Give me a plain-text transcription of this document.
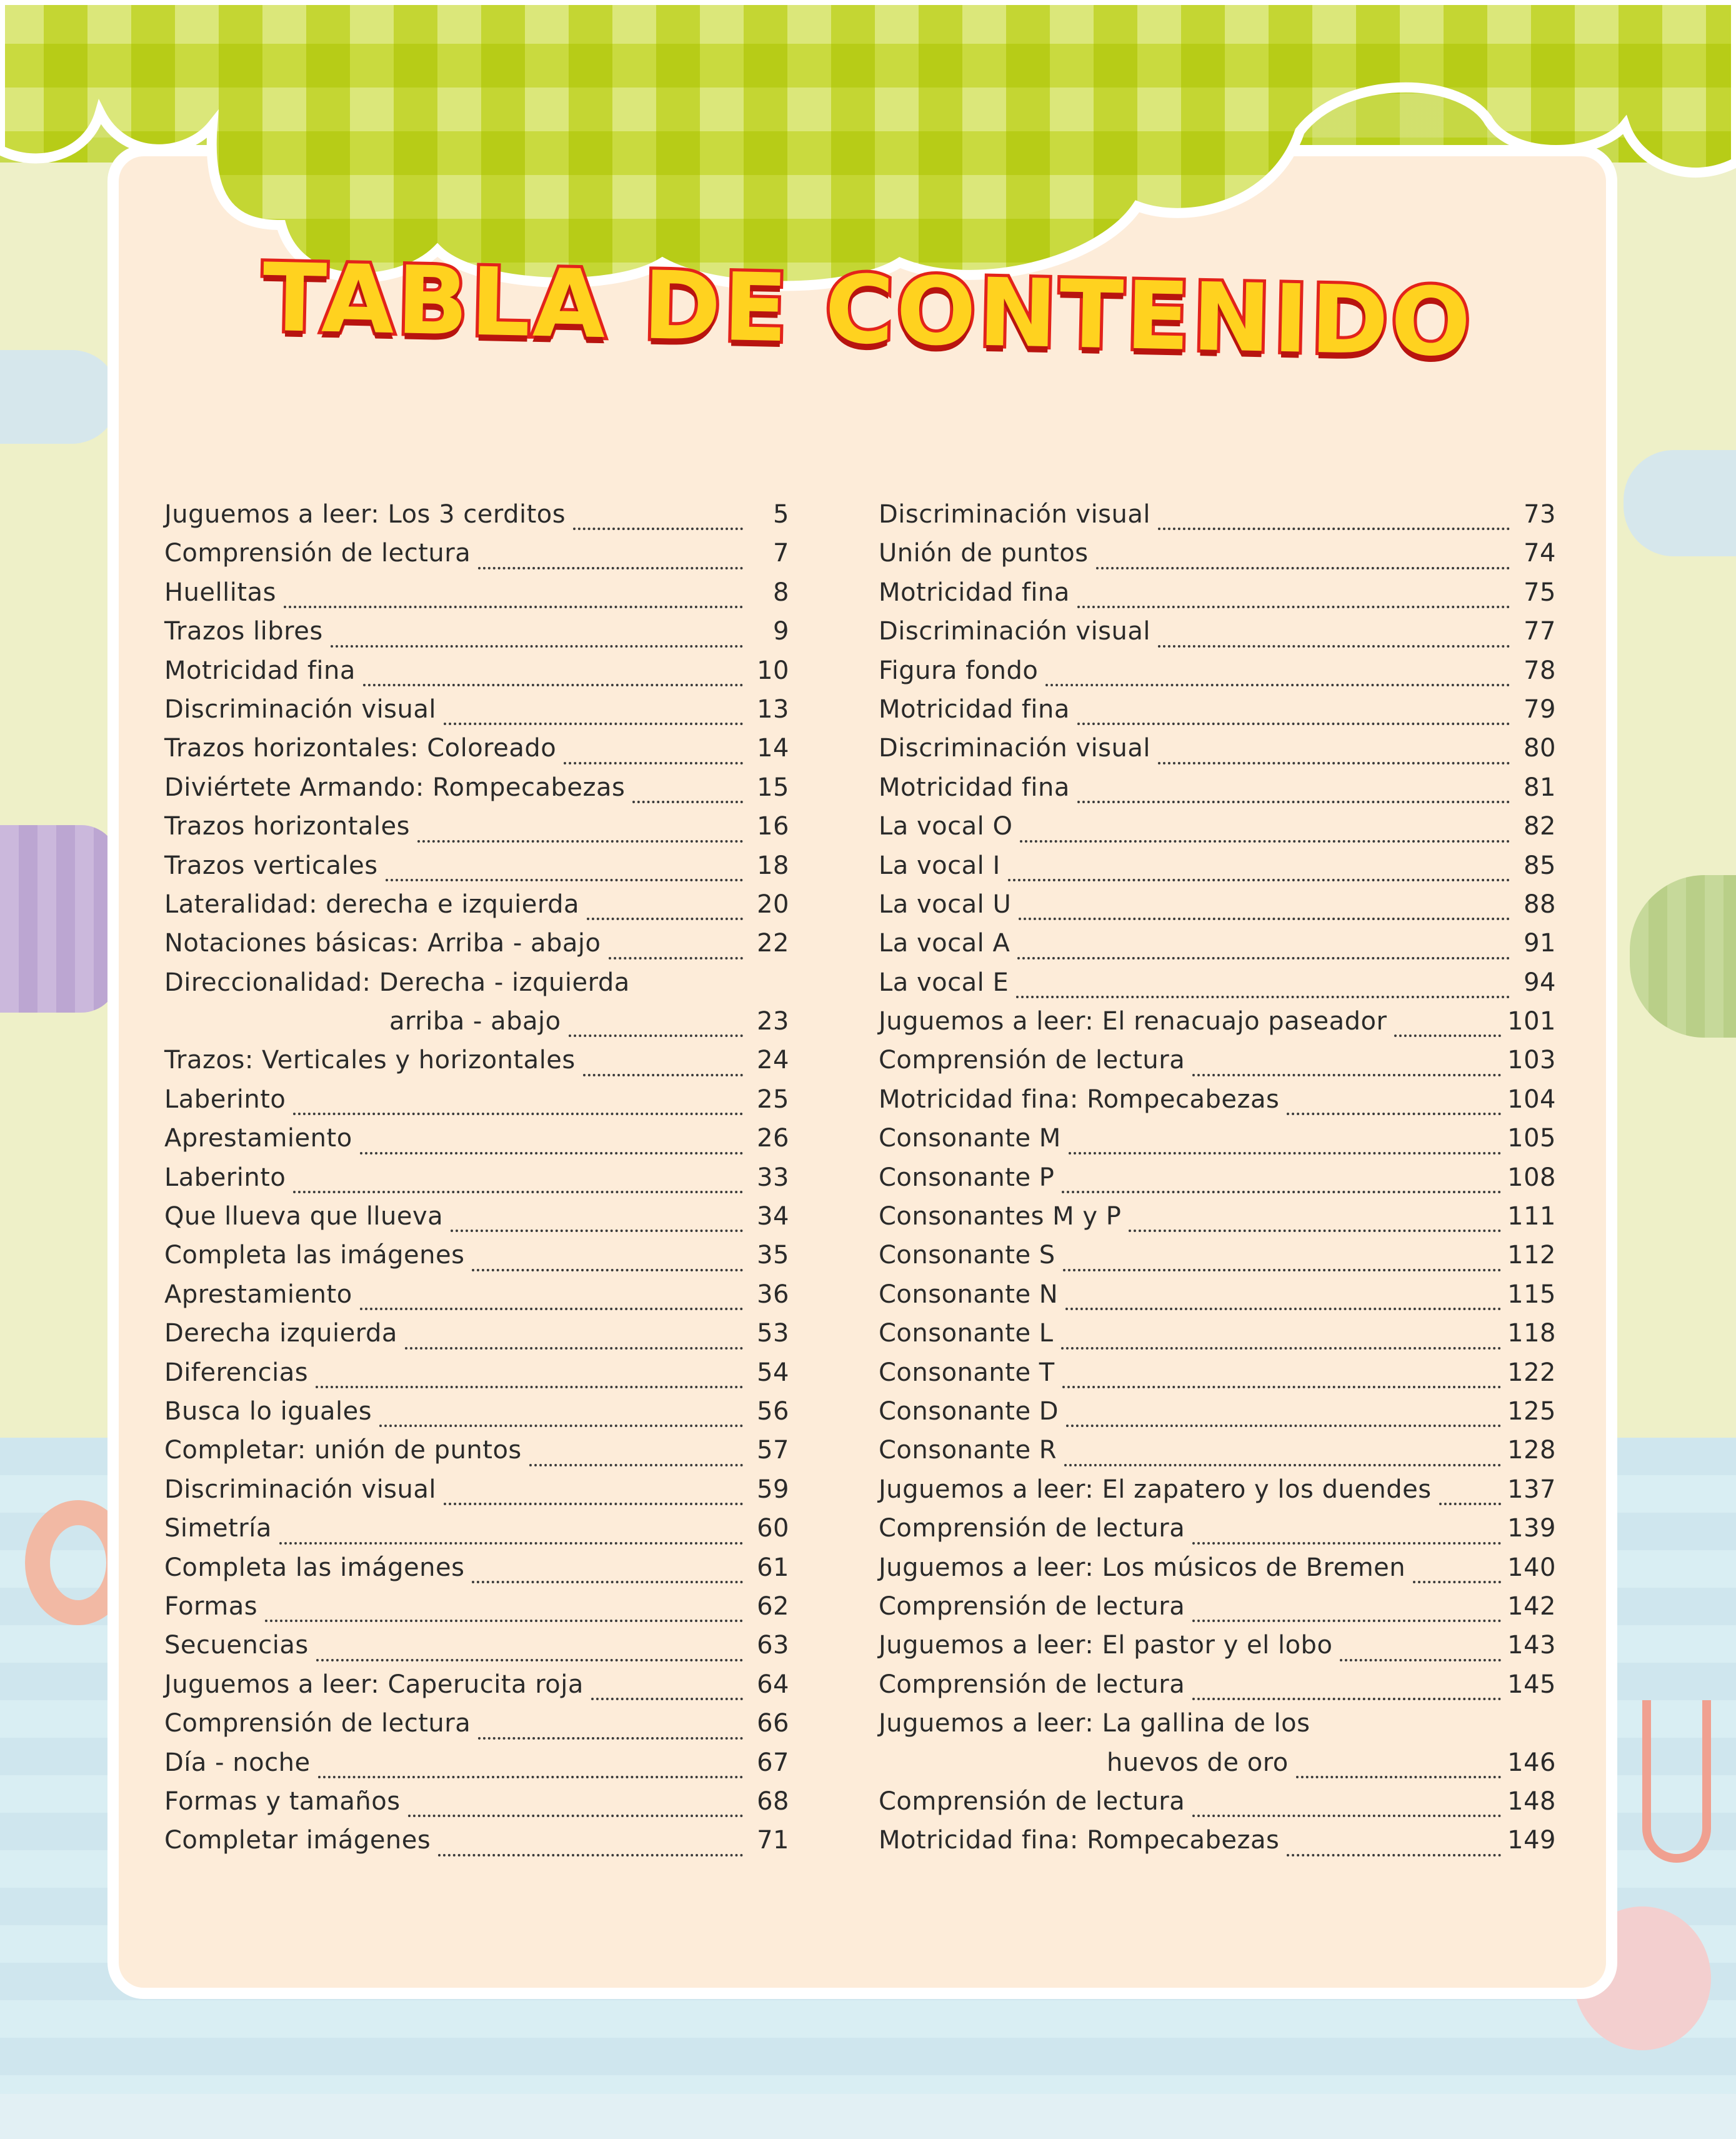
TABLA DE CONTENIDO
Juguemos a leer: Los 3 cerditos	5
Comprensión de lectura	7
Huellitas	8
Trazos libres	9
Motricidad fina	10
Discriminación visual	13
Trazos horizontales: Coloreado	14
Diviértete Armando: Rompecabezas	15
Trazos horizontales	16
Trazos verticales	18
Lateralidad: derecha e izquierda	20
Notaciones básicas: Arriba - abajo	22
Direccionalidad: Derecha - izquierda
arriba - abajo	23
Trazos: Verticales y horizontales	24
Laberinto	25
Aprestamiento	26
Laberinto	33
Que llueva que llueva	34
Completa las imágenes	35
Aprestamiento	36
Derecha izquierda	53
Diferencias	54
Busca lo iguales	56
Completar: unión de puntos	57
Discriminación visual	59
Simetría	60
Completa las imágenes	61
Formas	62
Secuencias	63
Juguemos a leer: Caperucita roja	64
Comprensión de lectura	66
Día - noche	67
Formas y tamaños	68
Completar imágenes	71
Discriminación visual	73
Unión de puntos	74
Motricidad fina	75
Discriminación visual	77
Figura fondo	78
Motricidad fina	79
Discriminación visual	80
Motricidad fina	81
La vocal O	82
La vocal I	85
La vocal U	88
La vocal A	91
La vocal E	94
Juguemos a leer: El renacuajo paseador	101
Comprensión de lectura	103
Motricidad fina: Rompecabezas	104
Consonante M	105
Consonante P	108
Consonantes M y P	111
Consonante S	112
Consonante N	115
Consonante L	118
Consonante T	122
Consonante D	125
Consonante R	128
Juguemos a leer: El zapatero y los duendes	137
Comprensión de lectura	139
Juguemos a leer: Los músicos de Bremen	140
Comprensión de lectura	142
Juguemos a leer: El pastor y el lobo	143
Comprensión de lectura	145
Juguemos a leer: La gallina de los
huevos de oro	146
Comprensión de lectura	148
Motricidad fina: Rompecabezas	149
